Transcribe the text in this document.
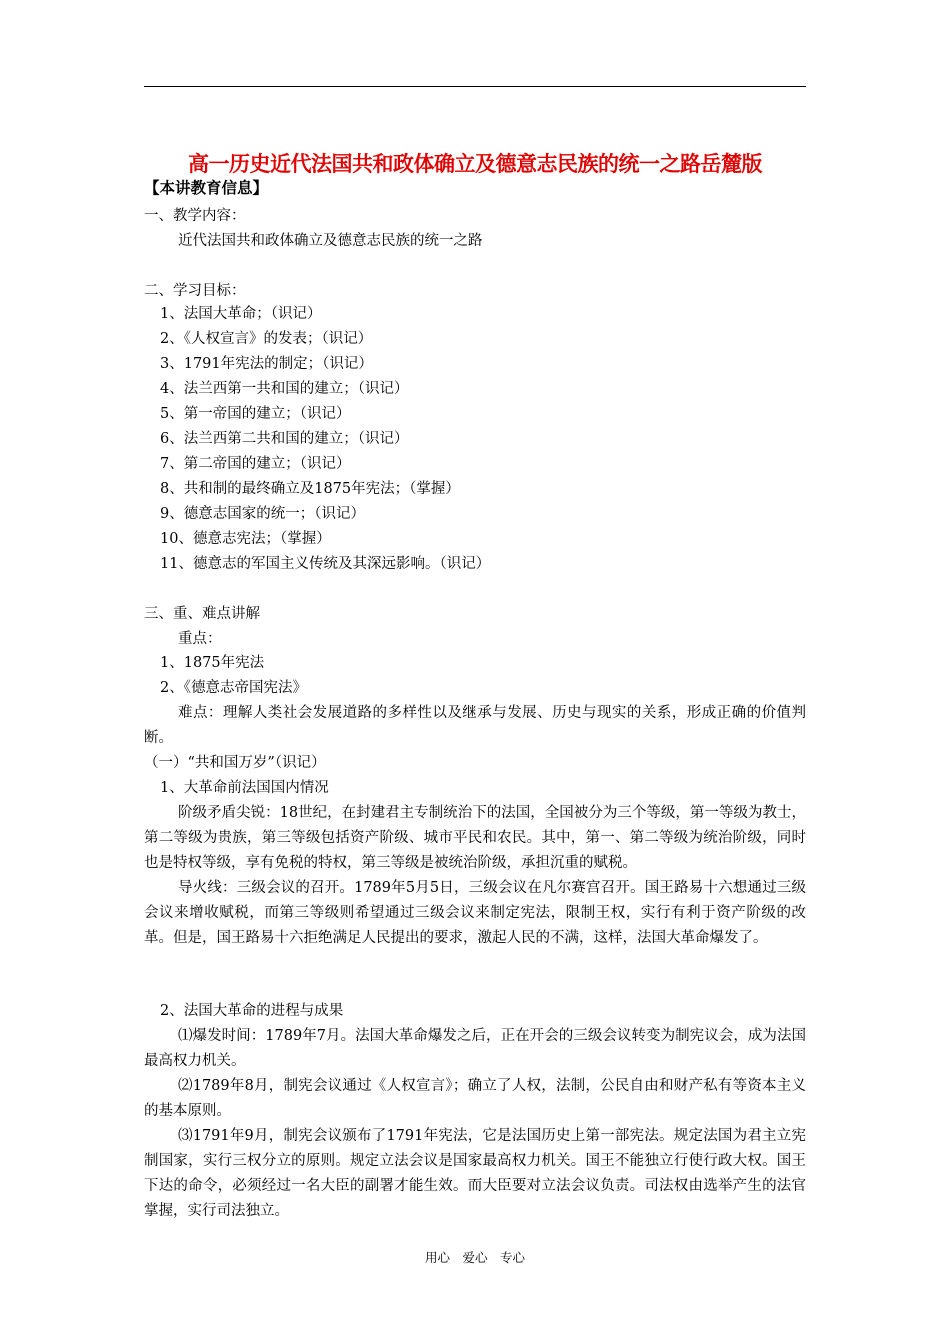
高一历史近代法国共和政体确立及德意志民族的统一之路岳麓版
【本讲教育信息】
一、教学内容：
近代法国共和政体确立及德意志民族的统一之路
二、学习目标：
1、法国大革命；（识记）
2、《人权宣言》的发表；（识记）
3、1791年宪法的制定；（识记）
4、法兰西第一共和国的建立；（识记）
5、第一帝国的建立；（识记）
6、法兰西第二共和国的建立；（识记）
7、第二帝国的建立；（识记）
8、共和制的最终确立及1875年宪法；（掌握）
9、德意志国家的统一；（识记）
10、德意志宪法；（掌握）
11、德意志的军国主义传统及其深远影响。（识记）
三、重、难点讲解
重点：
1、1875年宪法
2、《德意志帝国宪法》
难点：理解人类社会发展道路的多样性以及继承与发展、历史与现实的关系，形成正确的价值判断。
（一）“共和国万岁”（识记）
1、大革命前法国国内情况
阶级矛盾尖锐：18世纪，在封建君主专制统治下的法国，全国被分为三个等级，第一等级为教士，第二等级为贵族，第三等级包括资产阶级、城市平民和农民。其中，第一、第二等级为统治阶级，同时也是特权等级，享有免税的特权，第三等级是被统治阶级，承担沉重的赋税。
导火线：三级会议的召开。1789年5月5日，三级会议在凡尔赛宫召开。国王路易十六想通过三级会议来增收赋税，而第三等级则希望通过三级会议来制定宪法，限制王权，实行有利于资产阶级的改革。但是，国王路易十六拒绝满足人民提出的要求，激起人民的不满，这样，法国大革命爆发了。
2、法国大革命的进程与成果
⑴爆发时间：1789年7月。法国大革命爆发之后，正在开会的三级会议转变为制宪议会，成为法国最高权力机关。
⑵1789年8月，制宪会议通过《人权宣言》；确立了人权，法制，公民自由和财产私有等资本主义的基本原则。
⑶1791年9月，制宪会议颁布了1791年宪法，它是法国历史上第一部宪法。规定法国为君主立宪制国家，实行三权分立的原则。规定立法会议是国家最高权力机关。国王不能独立行使行政大权。国王下达的命令，必须经过一名大臣的副署才能生效。而大臣要对立法会议负责。司法权由选举产生的法官掌握，实行司法独立。
用心　爱心　专心
